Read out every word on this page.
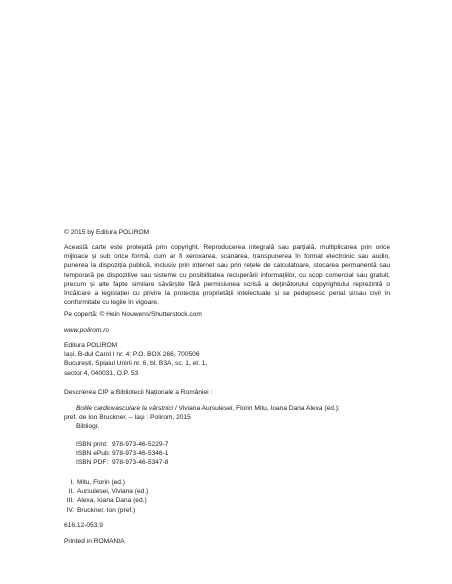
© 2015 by Editura POLIROM

Această carte este protejată prin copyright. Reproducerea integrală sau parțială, multiplicarea prin orice mijloace și sub orice formă, cum ar fi xeroxarea, scanarea, transpunerea în format electronic sau audio, punerea la dispoziția publică, inclusiv prin internet sau prin rețele de calculatoare, stocarea permanentă sau temporară pe dispozitive sau sisteme cu posibilitatea recuperării informațiilor, cu scop comercial sau gratuit, precum și alte fapte similare săvârșite fără permisiunea scrisă a deținătorului copyrightului reprezintă o încălcare a legislației cu privire la protecția proprietății intelectuale și se pedepsesc penal și/sau civil în conformitate cu legile în vigoare.

Pe copertă: © Hein Nouwens/Shutterstock.com
www.polirom.ro
Editura POLIROM
Iași, B-dul Carol I nr. 4; P.O. BOX 266, 700506
București, Splaiul Unirii nr. 6, bl. B3A, sc. 1, et. 1,
sector 4, 040031, O.P. 53
Descrierea CIP a Bibliotecii Naționale a României :
Bolile cardiovasculare la vârstnici / Viviana Aursulesei, Florin Mitu, Ioana Dana Alexa (ed.);
pref. de Ion Bruckner. – Iași : Polirom, 2015
Bibliogr.
ISBN print: 978-973-46-5229-7
ISBN ePub: 978-973-46-5346-1
ISBN PDF: 978-973-46-5347-8
I. Mitu, Florin (ed.)
II. Aursulesei, Viviana (ed.)
III. Alexa, Ioana Dana (ed.)
IV. Bruckner, Ion (pref.)
616.12-053.9
Printed in ROMANIA
